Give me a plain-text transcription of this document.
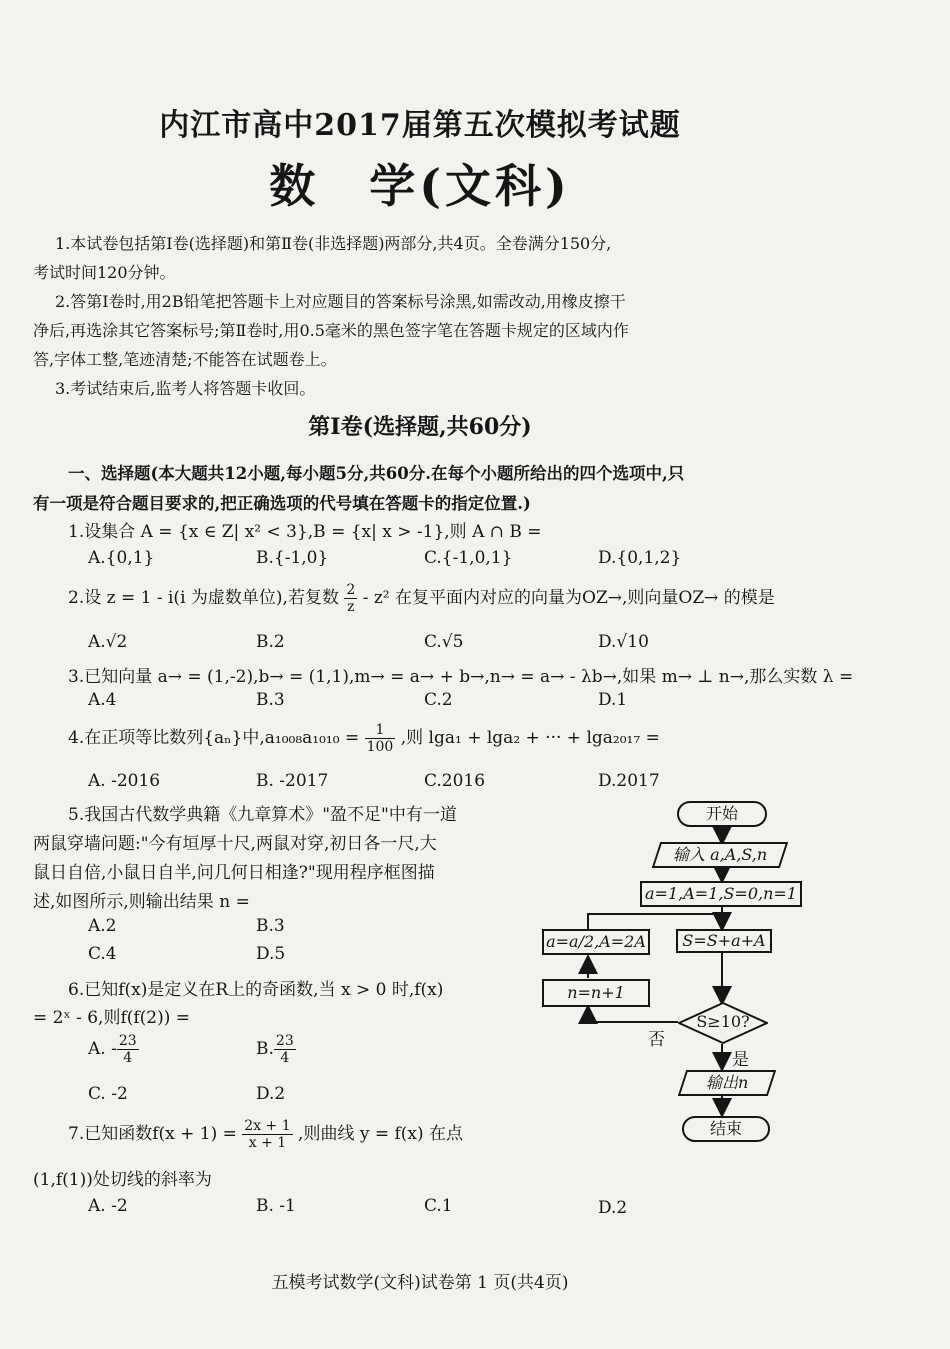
内江市高中2017届第五次模拟考试题
数　学(文科)
1.本试卷包括第Ⅰ卷(选择题)和第Ⅱ卷(非选择题)两部分,共4页。全卷满分150分,
考试时间120分钟。
2.答第Ⅰ卷时,用2B铅笔把答题卡上对应题目的答案标号涂黑,如需改动,用橡皮擦干
净后,再选涂其它答案标号;第Ⅱ卷时,用0.5毫米的黑色签字笔在答题卡规定的区域内作
答,字体工整,笔迹清楚;不能答在试题卷上。
3.考试结束后,监考人将答题卡收回。
第Ⅰ卷(选择题,共60分)
一、选择题(本大题共12小题,每小题5分,共60分.在每个小题所给出的四个选项中,只
有一项是符合题目要求的,把正确选项的代号填在答题卡的指定位置.)
1.设集合 A = {x ∈ Z| x² < 3},B = {x| x > -1},则 A ∩ B =
A.{0,1}	B.{-1,0}	C.{-1,0,1}	D.{0,1,2}
2.设 z = 1 - i(i 为虚数单位),若复数 $\frac{2}{z} - z^2$ 在复平面内对应的向量为OZ→,则向量OZ→ 的模是
A.√2	B.2	C.√5	D.√10
3.已知向量 a→ = (1,-2),b→ = (1,1),m→ = a→ + b→,n→ = a→ - λb→,如果 m→ ⊥ n→,那么实数 λ =
A.4	B.3	C.2	D.1
4.在正项等比数列{aₙ}中$,a_{1008}a_{1010} = \frac{1}{100}$ ,则 lga₁ + lga₂ + ··· + lga₂₀₁₇ =
A. -2016	B. -2017	C.2016	D.2017
5.我国古代数学典籍《九章算术》"盈不足"中有一道
两鼠穿墙问题:"今有垣厚十尺,两鼠对穿,初日各一尺,大
鼠日自倍,小鼠日自半,问几何日相逢?"现用程序框图描
述,如图所示,则输出结果 n =
A.2	B.3
C.4	D.5
6.已知f(x)是定义在R上的奇函数,当 x > 0 时,f(x)
= 2ˣ - 6,则f(f(2)) =
A. - $\frac{23}{4}$	B. $\frac{23}{4}$
C. -2	D.2
7.已知函数$f(x + 1) = \frac{2x + 1}{x + 1}$ ,则曲线 y = f(x) 在点
(1,f(1))处切线的斜率为
A. -2	B. -1	C.1	D.2
开始
输入 a,A,S,n
a=1,A=1,S=0,n=1
a=a/2,A=2A	S=S+a+A
n=n+1
S≥10?
否
是
输出n
结束
五模考试数学(文科)试卷第 1 页(共4页)
